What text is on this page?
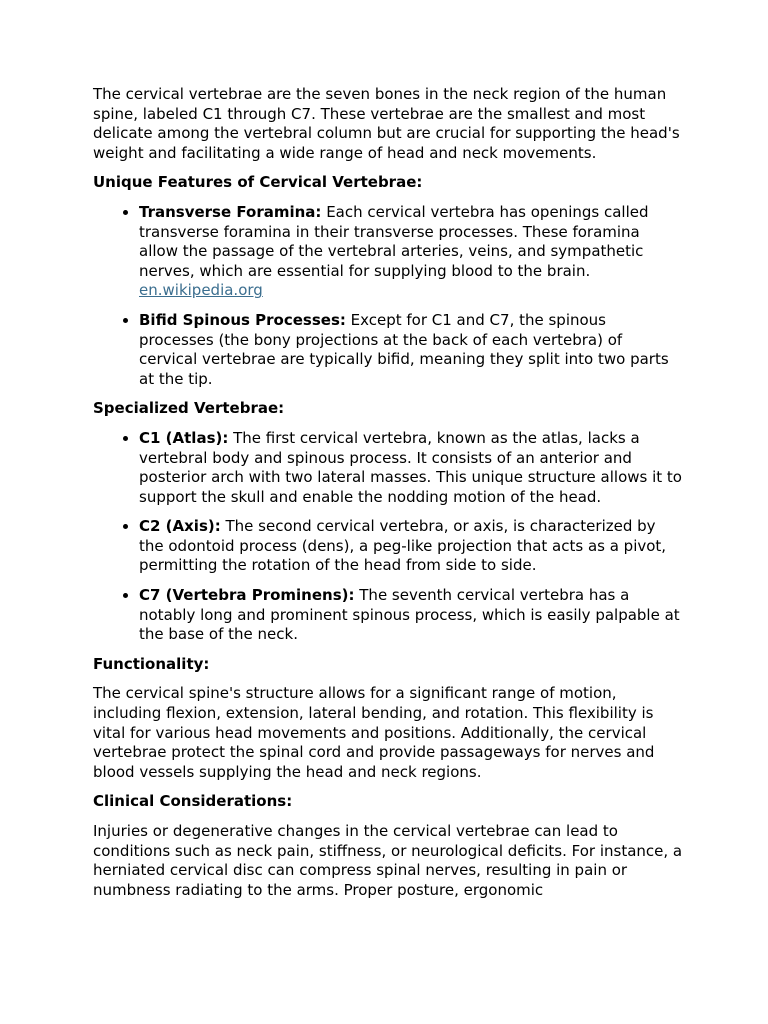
The cervical vertebrae are the seven bones in the neck region of the human spine, labeled C1 through C7. These vertebrae are the smallest and most delicate among the vertebral column but are crucial for supporting the head's weight and facilitating a wide range of head and neck movements.

Unique Features of Cervical Vertebrae:

• Transverse Foramina: Each cervical vertebra has openings called transverse foramina in their transverse processes. These foramina allow the passage of the vertebral arteries, veins, and sympathetic nerves, which are essential for supplying blood to the brain.
en.wikipedia.org
• Bifid Spinous Processes: Except for C1 and C7, the spinous processes (the bony projections at the back of each vertebra) of cervical vertebrae are typically bifid, meaning they split into two parts at the tip.

Specialized Vertebrae:

• C1 (Atlas): The first cervical vertebra, known as the atlas, lacks a vertebral body and spinous process. It consists of an anterior and posterior arch with two lateral masses. This unique structure allows it to support the skull and enable the nodding motion of the head.
• C2 (Axis): The second cervical vertebra, or axis, is characterized by the odontoid process (dens), a peg-like projection that acts as a pivot, permitting the rotation of the head from side to side.
• C7 (Vertebra Prominens): The seventh cervical vertebra has a notably long and prominent spinous process, which is easily palpable at the base of the neck.

Functionality:

The cervical spine's structure allows for a significant range of motion, including flexion, extension, lateral bending, and rotation. This flexibility is vital for various head movements and positions. Additionally, the cervical vertebrae protect the spinal cord and provide passageways for nerves and blood vessels supplying the head and neck regions.

Clinical Considerations:

Injuries or degenerative changes in the cervical vertebrae can lead to conditions such as neck pain, stiffness, or neurological deficits. For instance, a herniated cervical disc can compress spinal nerves, resulting in pain or numbness radiating to the arms. Proper posture, ergonomic
